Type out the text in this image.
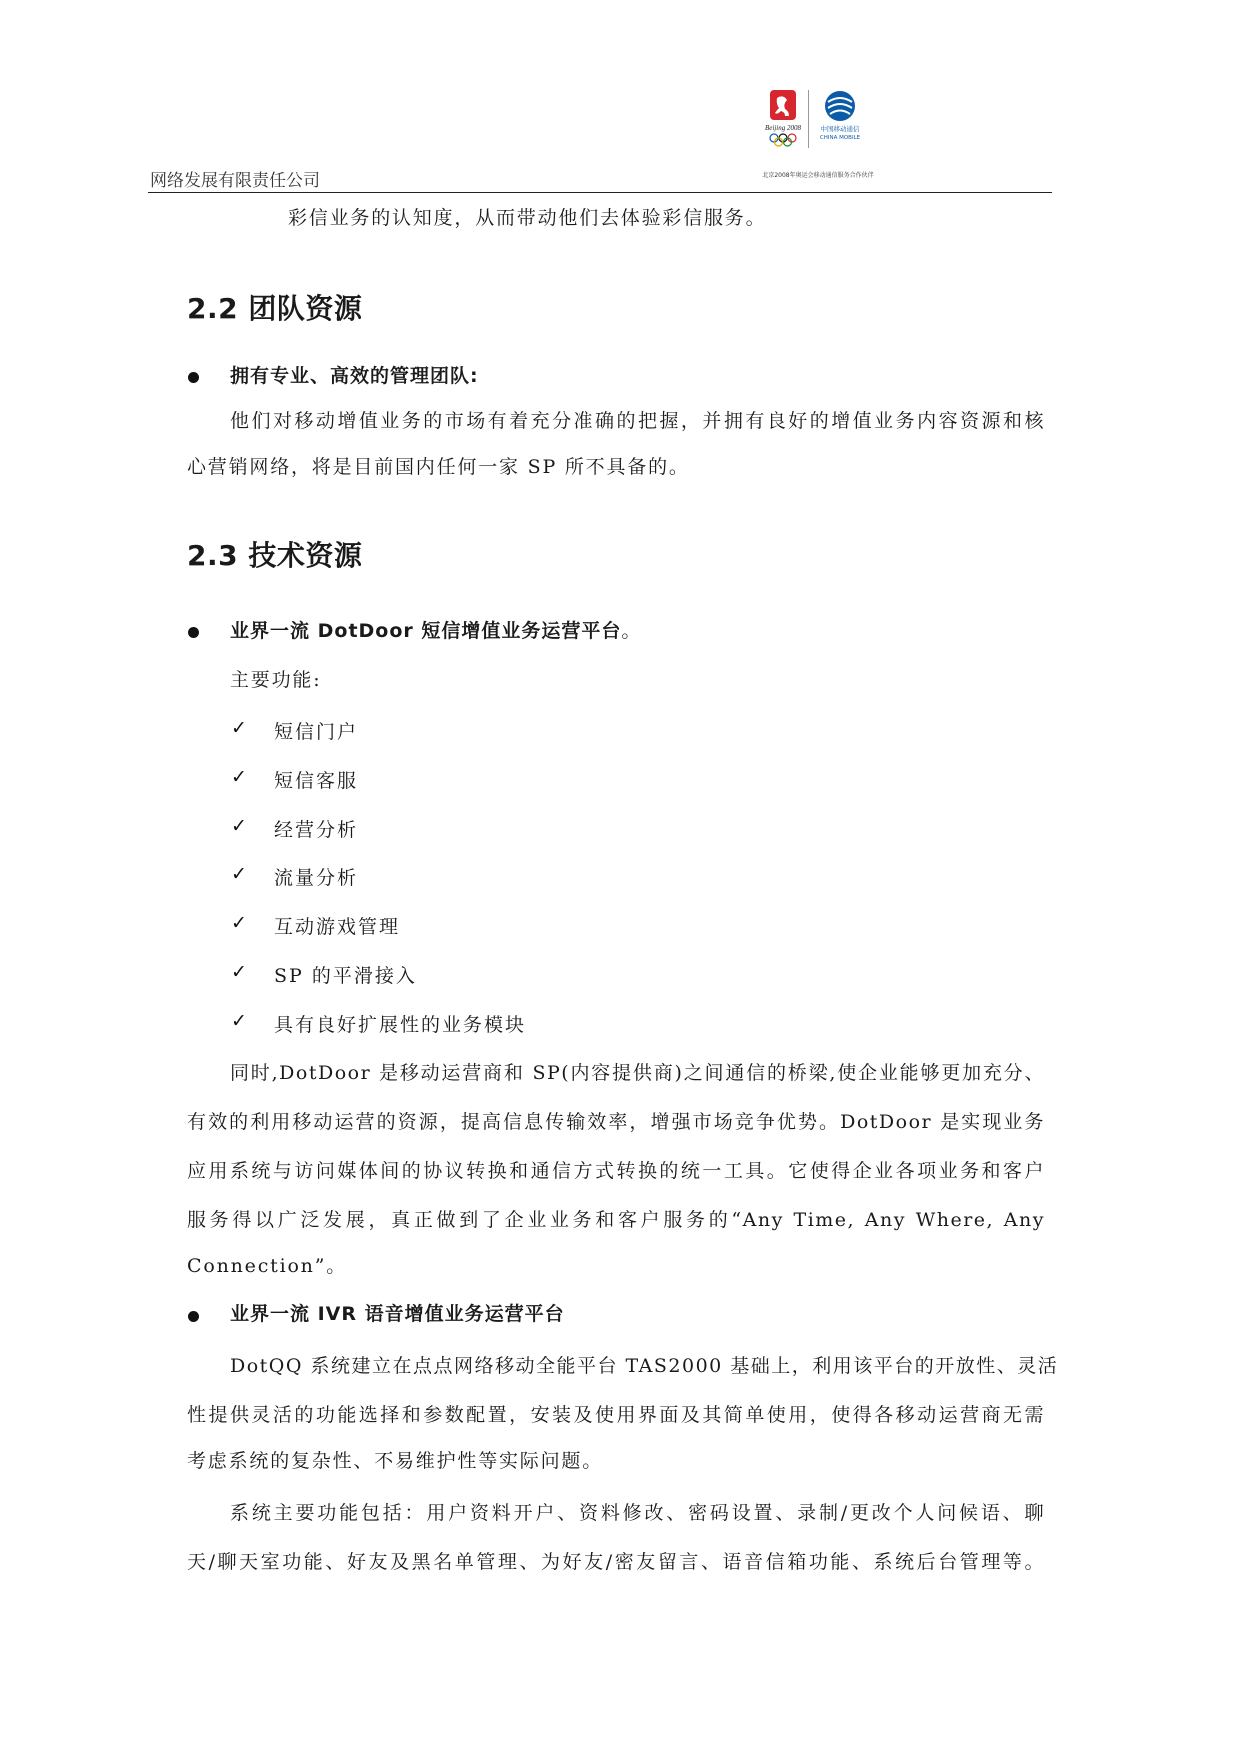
Beijing 2008	中国移动通信
CHINA MOBILE
北京2008年奥运会移动通信服务合作伙伴
网络发展有限责任公司
彩信业务的认知度，从而带动他们去体验彩信服务。
2.2 团队资源
拥有专业、高效的管理团队:
他们对移动增值业务的市场有着充分准确的把握，并拥有良好的增值业务内容资源和核
心营销网络，将是目前国内任何一家 SP 所不具备的。
2.3 技术资源
业界一流 DotDoor 短信增值业务运营平台。
主要功能:
✓ 短信门户
✓ 短信客服
✓ 经营分析
✓ 流量分析
✓ 互动游戏管理
✓ SP 的平滑接入
✓ 具有良好扩展性的业务模块
同时,DotDoor 是移动运营商和 SP(内容提供商)之间通信的桥梁,使企业能够更加充分、
有效的利用移动运营的资源，提高信息传输效率，增强市场竞争优势。DotDoor 是实现业务
应用系统与访问媒体间的协议转换和通信方式转换的统一工具。它使得企业各项业务和客户
服务得以广泛发展，真正做到了企业业务和客户服务的“Any Time, Any Where, Any
Connection”。
业界一流 IVR 语音增值业务运营平台
DotQQ 系统建立在点点网络移动全能平台 TAS2000 基础上，利用该平台的开放性、灵活
性提供灵活的功能选择和参数配置，安装及使用界面及其简单使用，使得各移动运营商无需
考虑系统的复杂性、不易维护性等实际问题。
系统主要功能包括：用户资料开户、资料修改、密码设置、录制/更改个人问候语、聊
天/聊天室功能、好友及黑名单管理、为好友/密友留言、语音信箱功能、系统后台管理等。
